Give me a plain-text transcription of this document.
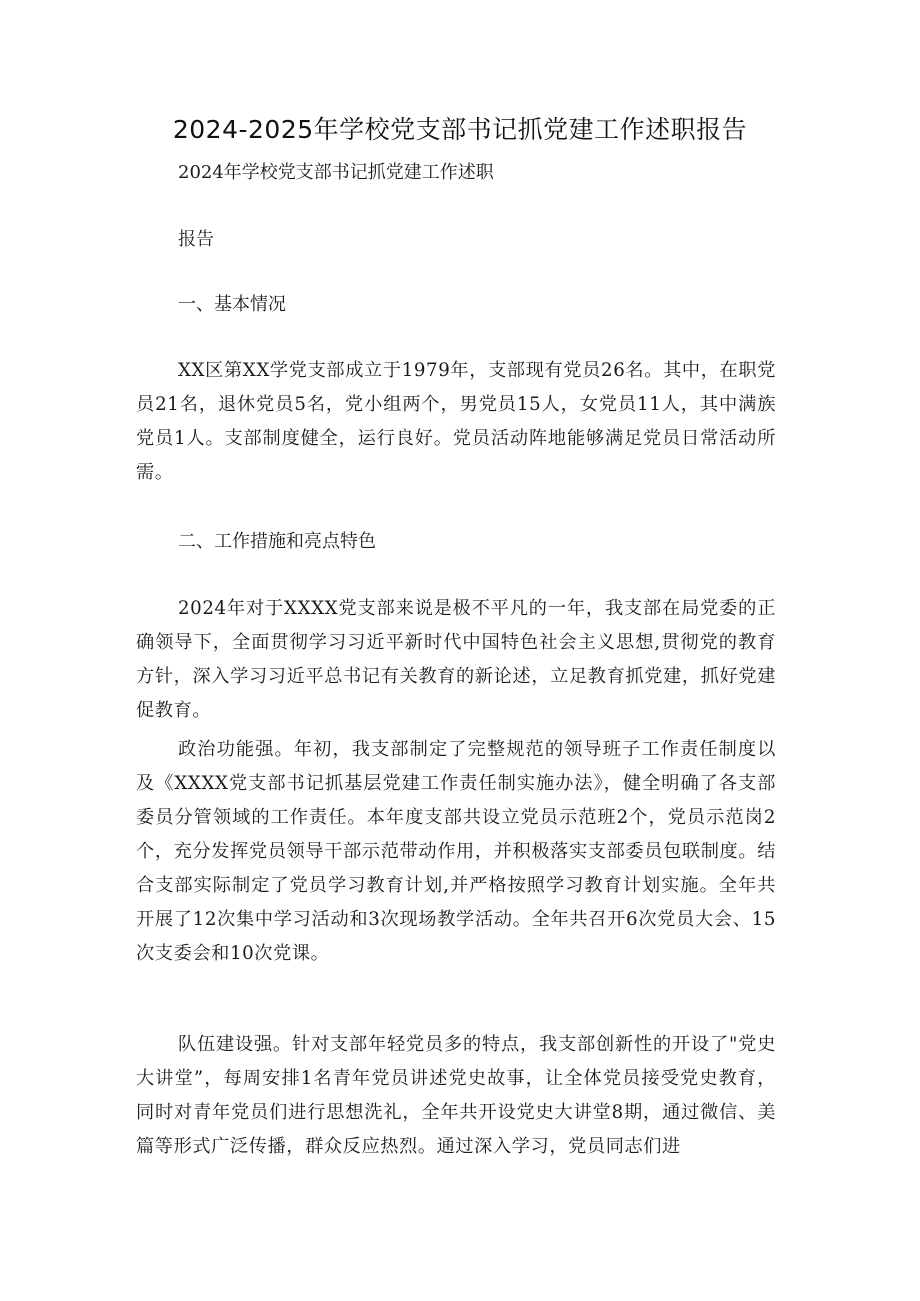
2024-2025年学校党支部书记抓党建工作述职报告
2024年学校党支部书记抓党建工作述职
报告
一、基本情况
XX区第XX学党支部成立于1979年，支部现有党员26名。其中，在职党员21名，退休党员5名，党小组两个，男党员15人，女党员11人，其中满族党员1人。支部制度健全，运行良好。党员活动阵地能够满足党员日常活动所需。
二、工作措施和亮点特色
2024年对于XXXX党支部来说是极不平凡的一年，我支部在局党委的正确领导下，全面贯彻学习习近平新时代中国特色社会主义思想,贯彻党的教育方针，深入学习习近平总书记有关教育的新论述，立足教育抓党建，抓好党建促教育。
政治功能强。年初，我支部制定了完整规范的领导班子工作责任制度以及《XXXX党支部书记抓基层党建工作责任制实施办法》，健全明确了各支部委员分管领域的工作责任。本年度支部共设立党员示范班2个，党员示范岗2个，充分发挥党员领导干部示范带动作用，并积极落实支部委员包联制度。结合支部实际制定了党员学习教育计划,并严格按照学习教育计划实施。全年共开展了12次集中学习活动和3次现场教学活动。全年共召开6次党员大会、15次支委会和10次党课。
队伍建设强。针对支部年轻党员多的特点，我支部创新性的开设了"党史大讲堂”，每周安排1名青年党员讲述党史故事，让全体党员接受党史教育，同时对青年党员们进行思想洗礼，全年共开设党史大讲堂8期，通过微信、美篇等形式广泛传播，群众反应热烈。通过深入学习，党员同志们进
